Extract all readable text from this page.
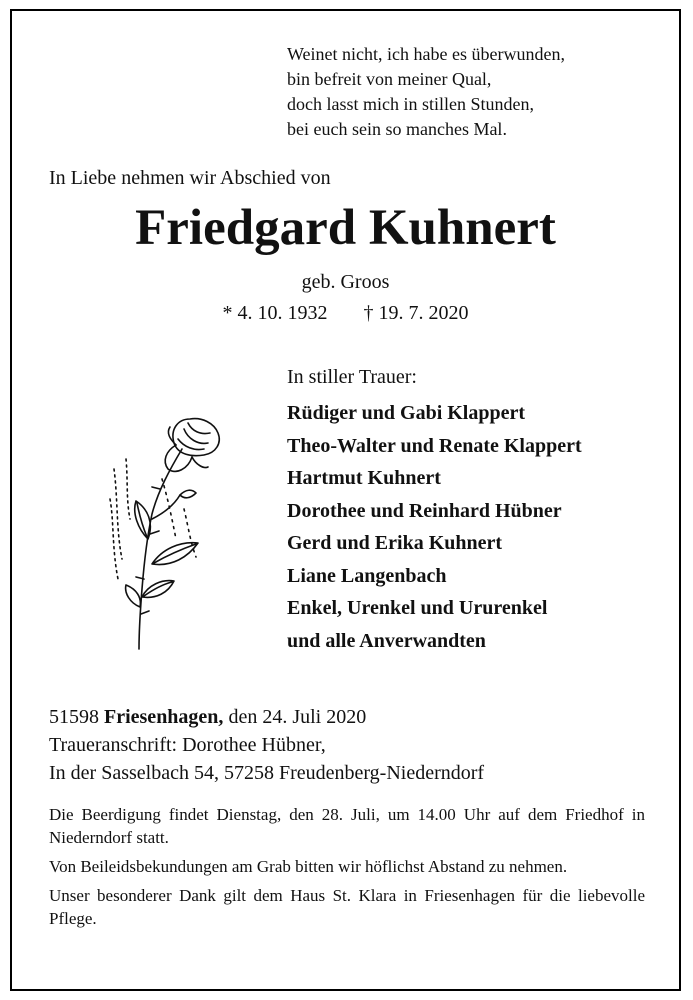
Weinet nicht, ich habe es überwunden,
bin befreit von meiner Qual,
doch lasst mich in stillen Stunden,
bei euch sein so manches Mal.
In Liebe nehmen wir Abschied von
Friedgard Kuhnert
geb. Groos
* 4. 10. 1932 † 19. 7. 2020
In stiller Trauer:
Rüdiger und Gabi Klappert
Theo-Walter und Renate Klappert
Hartmut Kuhnert
Dorothee und Reinhard Hübner
Gerd und Erika Kuhnert
Liane Langenbach
Enkel, Urenkel und Ururenkel
und alle Anverwandten
51598 Friesenhagen, den 24. Juli 2020
Traueranschrift: Dorothee Hübner,
In der Sasselbach 54, 57258 Freudenberg-Niederndorf

Die Beerdigung findet Dienstag, den 28. Juli, um 14.00 Uhr auf dem Friedhof in Niederndorf statt.

Von Beileidsbekundungen am Grab bitten wir höflichst Abstand zu nehmen.

Unser besonderer Dank gilt dem Haus St. Klara in Friesenhagen für die liebevolle Pflege.
